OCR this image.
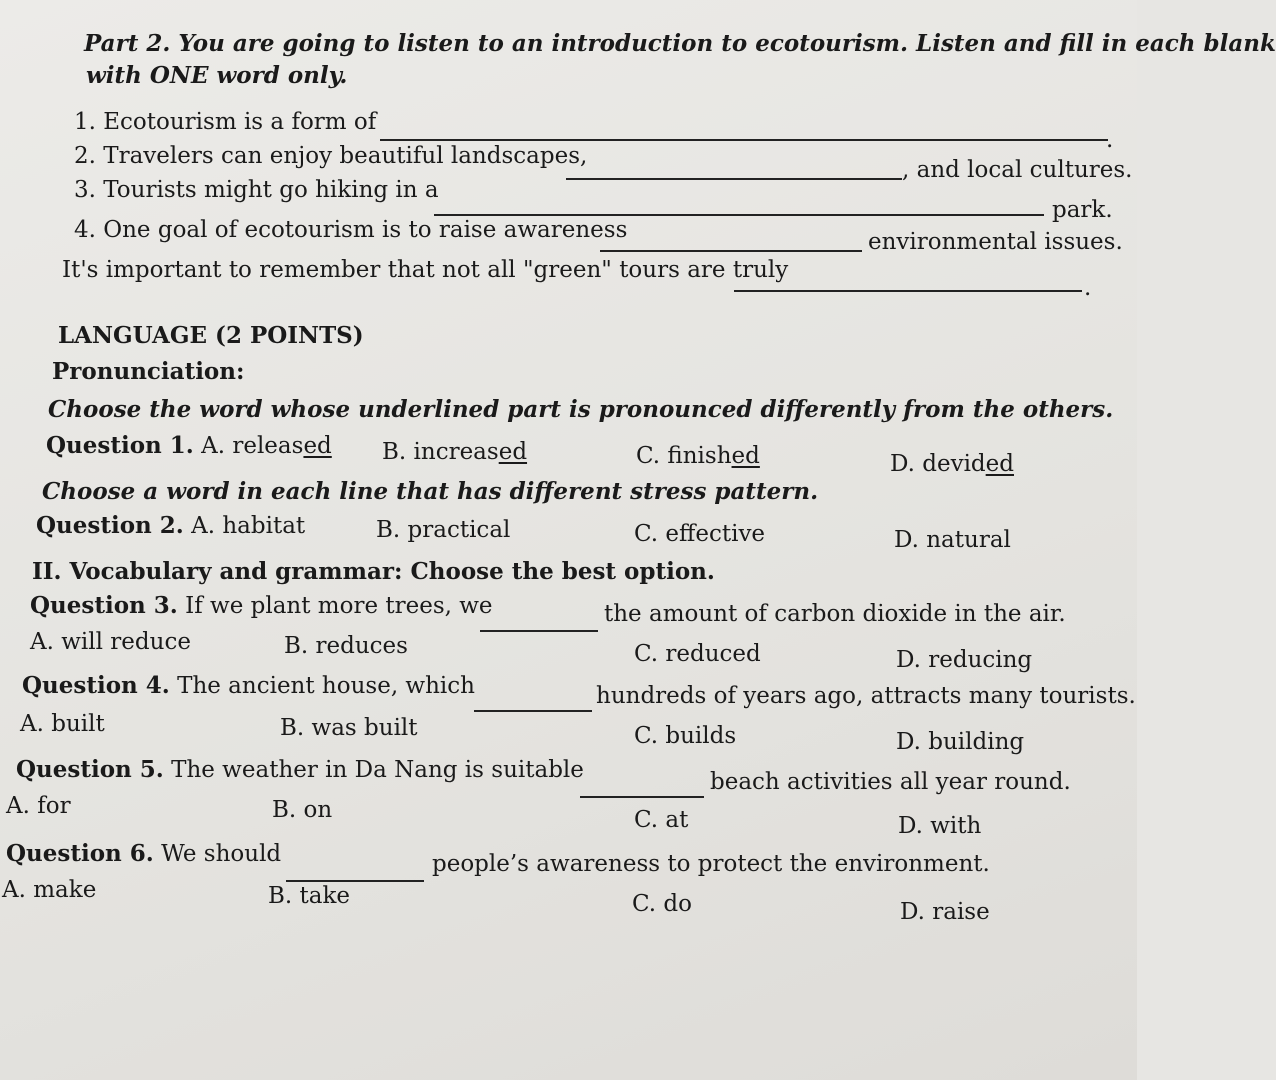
Part 2. You are going to listen to an introduction to ecotourism. Listen and fill in each blank
with ONE word only.
1. Ecotourism is a form of
.
2. Travelers can enjoy beautiful landscapes,
, and local cultures.
3. Tourists might go hiking in a
park.
4. One goal of ecotourism is to raise awareness	environmental issues.
It's important to remember that not all "green" tours are truly
.
LANGUAGE (2 POINTS)
Pronunciation:
Choose the word whose underlined part is pronounced differently from the others.
Question 1. A. released B. increased	C. finished	D. devided
Choose a word in each line that has different stress pattern.
Question 2. A. habitat	B. practical	C. effective	D. natural
II. Vocabulary and grammar: Choose the best option.
Question 3. If we plant more trees, we	the amount of carbon dioxide in the air.
A. will reduce	B. reduces	C. reduced	D. reducing
Question 4. The ancient house, which	hundreds of years ago, attracts many tourists.
A. built	B. was built	C. builds	D. building
Question 5. The weather in Da Nang is suitable	beach activities all year round.
A. for	B. on	C. at	D. with
Question 6. We should	people’s awareness to protect the environment.
A. make	B. take	C. do	D. raise
